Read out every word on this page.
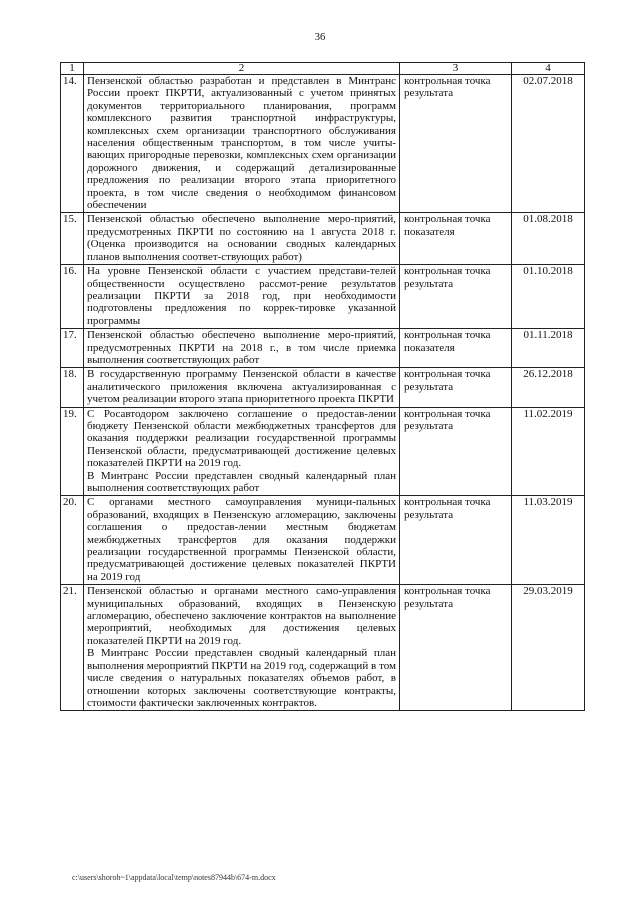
36
1	2	3	4
14.	Пензенской областью разработан и представлен в Минтранс России проект ПКРТИ, актуализованный с учетом принятых документов территориального планирования, программ комплексного развития транспортной инфраструктуры, комплексных схем организации транспортного обслуживания населения общественным транспортом, в том числе учиты-вающих пригородные перевозки, комплексных схем организации дорожного движения, и содержащий детализированные предложения по реализации второго этапа приоритетного проекта, в том числе сведения о необходимом финансовом обеспечении	контрольная точка результата	02.07.2018
15.	Пензенской областью обеспечено выполнение меро-приятий, предусмотренных ПКРТИ по состоянию на 1 августа 2018 г. (Оценка производится на основании сводных календарных планов выполнения соответ-ствующих работ)	контрольная точка показателя	01.08.2018
16.	На уровне Пензенской области с участием представи-телей общественности осуществлено рассмот-рение результатов реализации ПКРТИ за 2018 год, при необходимости подготовлены предложения по коррек-тировке указанной программы	контрольная точка результата	01.10.2018
17.	Пензенской областью обеспечено выполнение меро-приятий, предусмотренных ПКРТИ на 2018 г., в том числе приемка выполнения соответствующих работ	контрольная точка показателя	01.11.2018
18.	В государственную программу Пензенской области в качестве аналитического приложения включена актуализированная с учетом реализации второго этапа приоритетного проекта ПКРТИ	контрольная точка результата	26.12.2018
19.	С Росавтодором заключено соглашение о предостав-лении бюджету Пензенской области межбюджетных трансфертов для оказания поддержки реализации государственной программы Пензенской области, предусматривающей достижение целевых показателей ПКРТИ на 2019 год.
В Минтранс России представлен сводный календарный план выполнения соответствующих работ	контрольная точка результата	11.02.2019
20.	С органами местного самоуправления муници-пальных образований, входящих в Пензенскую агломерацию, заключены соглашения о предостав-лении местным бюджетам межбюджетных трансфертов для оказания поддержки реализации государственной программы Пензенской области, предусматривающей достижение целевых показателей ПКРТИ на 2019 год	контрольная точка результата	11.03.2019
21.	Пензенской областью и органами местного само-управления муниципальных образований, входящих в Пензенскую агломерацию, обеспечено заключение контрактов на выполнение мероприятий, необходимых для достижения целевых показателей ПКРТИ на 2019 год.
В Минтранс России представлен сводный календарный план выполнения мероприятий ПКРТИ на 2019 год, содержащий в том числе сведения о натуральных показателях объемов работ, в отношении которых заключены соответствующие контракты, стоимости фактически заключенных контрактов.	контрольная точка результата	29.03.2019
c:\users\shoroh~1\appdata\local\temp\notes87944b\674-m.docx
